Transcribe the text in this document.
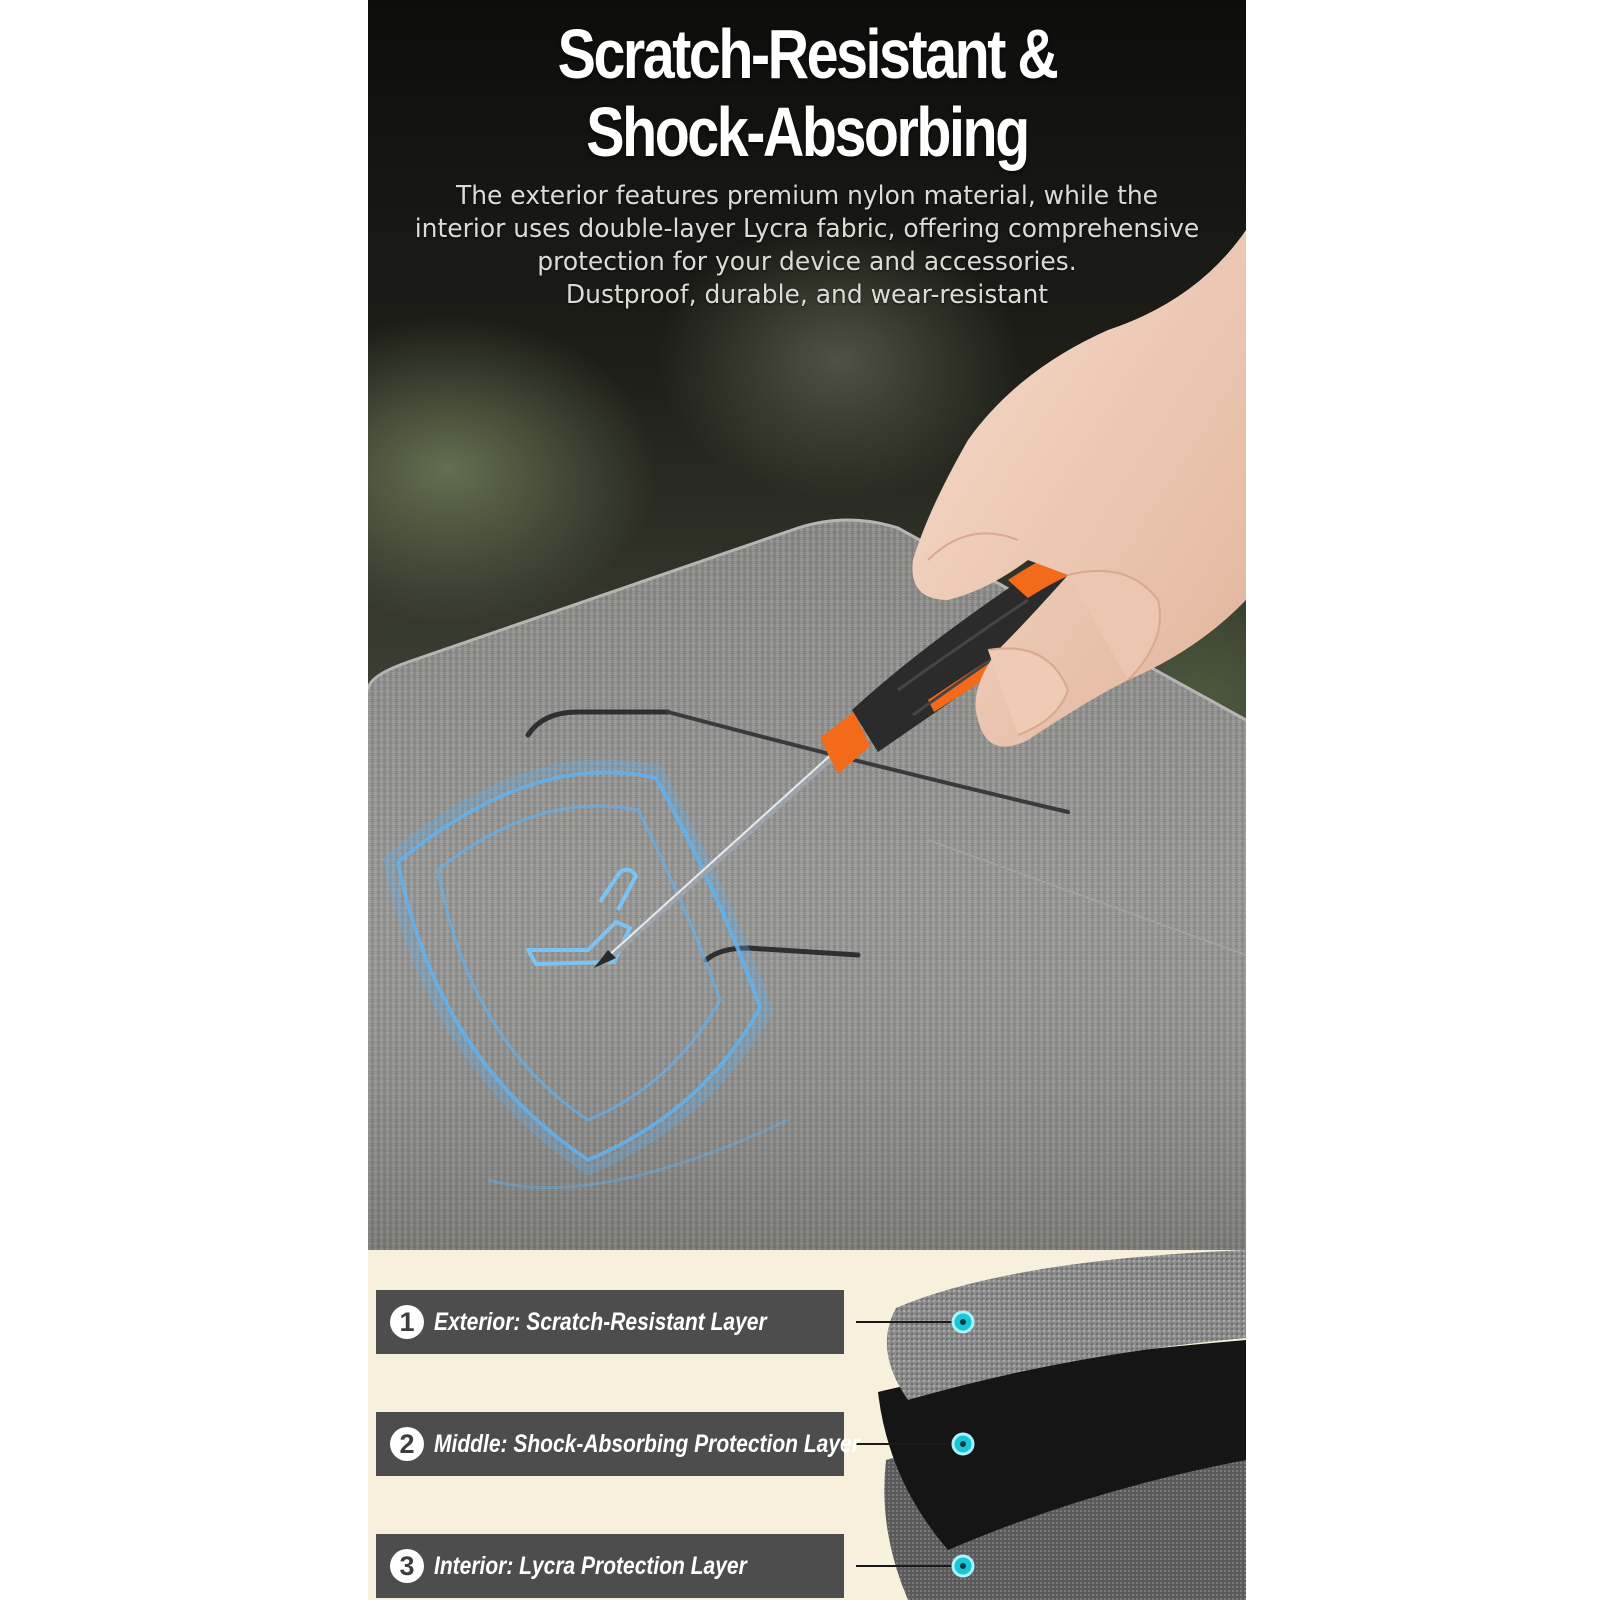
Scratch-Resistant &
Shock-Absorbing
The exterior features premium nylon material, while the
interior uses double-layer Lycra fabric, offering comprehensive
protection for your device and accessories.
Dustproof, durable, and wear-resistant
1 Exterior: Scratch-Resistant Layer
2 Middle: Shock-Absorbing Protection Layer
3 Interior: Lycra Protection Layer
